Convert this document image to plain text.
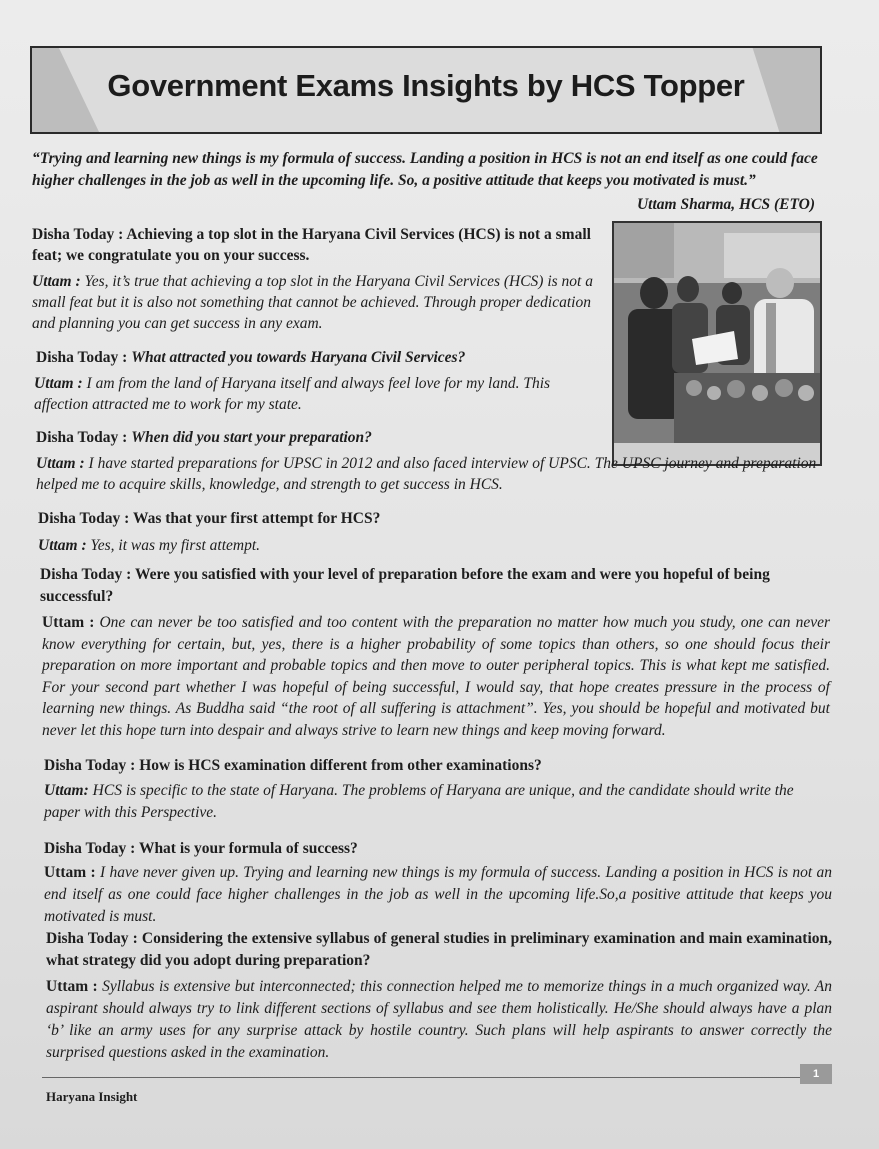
Government Exams Insights by HCS Topper

“Trying and learning new things is my formula of success. Landing a position in HCS is not an end itself as one could face higher challenges in the job as well in the upcoming life. So, a positive attitude that keeps you motivated is must.”

Uttam Sharma, HCS (ETO)

Disha Today : Achieving a top slot in the Haryana Civil Services (HCS) is not a small feat; we congratulate you on your success.

Uttam : Yes, it’s true that achieving a top slot in the Haryana Civil Services (HCS) is not a small feat but it is also not something that cannot be achieved. Through proper dedication and planning you can get success in any exam.

Disha Today : What attracted you towards Haryana Civil Services?

Uttam : I am from the land of Haryana itself and always feel love for my land. This affection attracted me to work for my state.

Disha Today : When did you start your preparation?

Uttam : I have started preparations for UPSC in 2012 and also faced interview of UPSC. The UPSC journey and preparation helped me to acquire skills, knowledge, and strength to get success in HCS.

Disha Today : Was that your first attempt for HCS?

Uttam : Yes, it was my first attempt.

Disha Today : Were you satisfied with your level of preparation before the exam and were you hopeful of being successful?

Uttam : One can never be too satisfied and too content with the preparation no matter how much you study, one can never know everything for certain, but, yes, there is a higher probability of some topics than others, so one should focus their preparation on more important and probable topics and then move to outer peripheral topics. This is what kept me satisfied. For your second part whether I was hopeful of being successful, I would say, that hope creates pressure in the process of learning new things. As Buddha said “the root of all suffering is attachment”. Yes, you should be hopeful and motivated but never let this hope turn into despair and always strive to learn new things and keep moving forward.

Disha Today : How is HCS examination different from other examinations?

Uttam: HCS is specific to the state of Haryana. The problems of Haryana are unique, and the candidate should write the paper with this Perspective.

Disha Today : What is your formula of success?

Uttam : I have never given up. Trying and learning new things is my formula of success. Landing a position in HCS is not an end itself as one could face higher challenges in the job as well in the upcoming life.So,a positive attitude that keeps you motivated is must.

Disha Today : Considering the extensive syllabus of general studies in preliminary examination and main examination, what strategy did you adopt during preparation?

Uttam : Syllabus is extensive but interconnected; this connection helped me to memorize things in a much organized way. An aspirant should always try to link different sections of syllabus and see them holistically. He/She should always have a plan ‘b’ like an army uses for any surprise attack by hostile country. Such plans will help aspirants to answer correctly the surprised questions asked in the examination.

1
Haryana Insight
